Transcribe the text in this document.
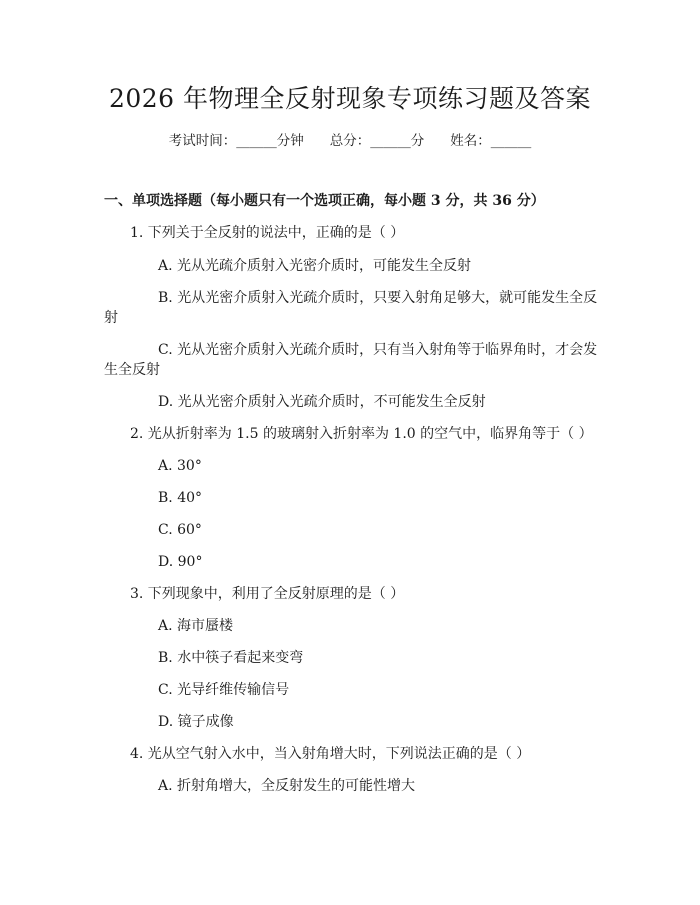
2026 年物理全反射现象专项练习题及答案
考试时间：______分钟 总分：______分 姓名：______
一、单项选择题（每小题只有一个选项正确，每小题 3 分，共 36 分）
1. 下列关于全反射的说法中，正确的是（ ）
A. 光从光疏介质射入光密介质时，可能发生全反射
B. 光从光密介质射入光疏介质时，只要入射角足够大，就可能发生全反
射
C. 光从光密介质射入光疏介质时，只有当入射角等于临界角时，才会发
生全反射
D. 光从光密介质射入光疏介质时，不可能发生全反射
2. 光从折射率为 1.5 的玻璃射入折射率为 1.0 的空气中，临界角等于（ ）
A. 30°
B. 40°
C. 60°
D. 90°
3. 下列现象中，利用了全反射原理的是（ ）
A. 海市蜃楼
B. 水中筷子看起来变弯
C. 光导纤维传输信号
D. 镜子成像
4. 光从空气射入水中，当入射角增大时，下列说法正确的是（ ）
A. 折射角增大，全反射发生的可能性增大
